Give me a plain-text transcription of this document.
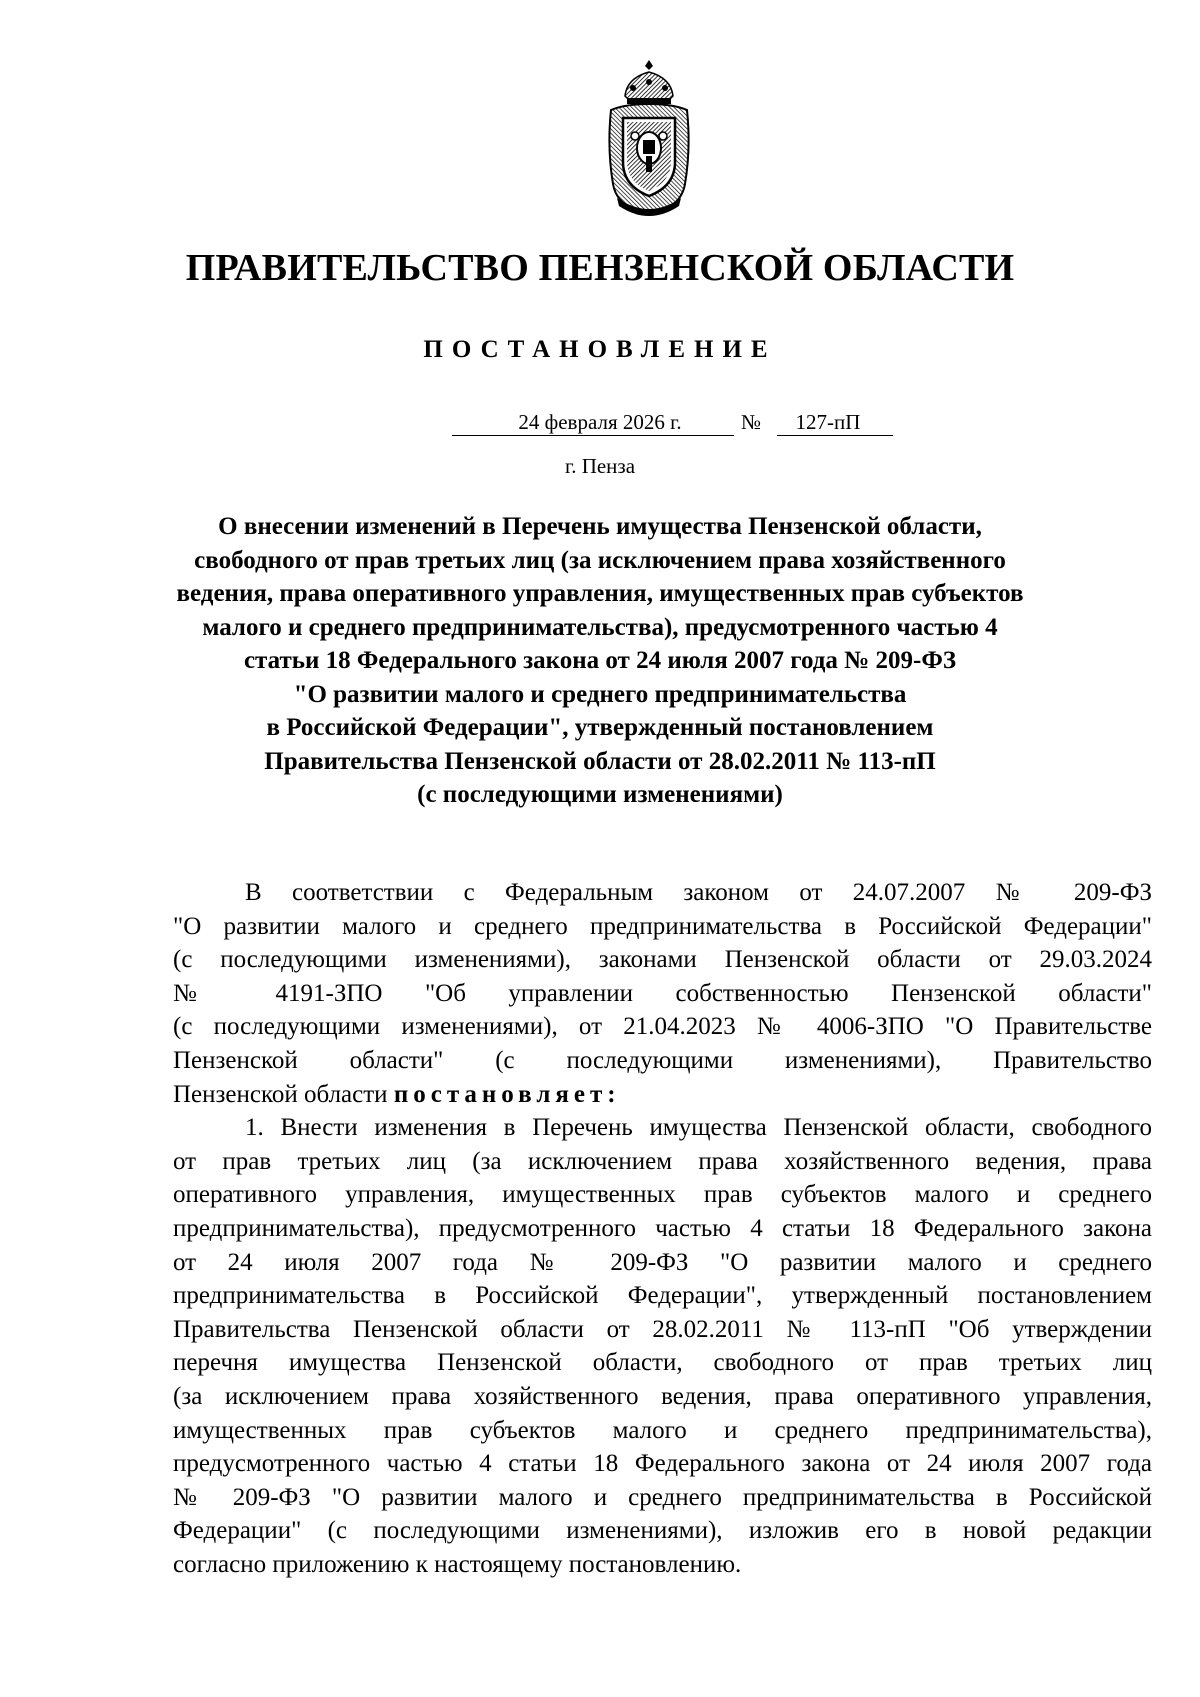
ПРАВИТЕЛЬСТВО ПЕНЗЕНСКОЙ ОБЛАСТИ
ПОСТАНОВЛЕНИЕ
24 февраля 2026 г.	№	127-пП
г. Пенза
О внесении изменений в Перечень имущества Пензенской области,
свободного от прав третьих лиц (за исключением права хозяйственного
ведения, права оперативного управления, имущественных прав субъектов
малого и среднего предпринимательства), предусмотренного частью 4
статьи 18 Федерального закона от 24 июля 2007 года № 209-ФЗ
"О развитии малого и среднего предпринимательства
в Российской Федерации", утвержденный постановлением
Правительства Пензенской области от 28.02.2011 № 113-пП
(с последующими изменениями)
В соответствии с Федеральным законом от 24.07.2007 № 209-ФЗ
"О развитии малого и среднего предпринимательства в Российской Федерации"
(с последующими изменениями), законами Пензенской области от 29.03.2024
№ 4191-ЗПО "Об управлении собственностью Пензенской области"
(с последующими изменениями), от 21.04.2023 № 4006-ЗПО "О Правительстве
Пензенской области" (с последующими изменениями), Правительство
Пензенской области постановляет:
1. Внести изменения в Перечень имущества Пензенской области, свободного
от прав третьих лиц (за исключением права хозяйственного ведения, права
оперативного управления, имущественных прав субъектов малого и среднего
предпринимательства), предусмотренного частью 4 статьи 18 Федерального закона
от 24 июля 2007 года № 209-ФЗ "О развитии малого и среднего
предпринимательства в Российской Федерации", утвержденный постановлением
Правительства Пензенской области от 28.02.2011 № 113-пП "Об утверждении
перечня имущества Пензенской области, свободного от прав третьих лиц
(за исключением права хозяйственного ведения, права оперативного управления,
имущественных прав субъектов малого и среднего предпринимательства),
предусмотренного частью 4 статьи 18 Федерального закона от 24 июля 2007 года
№ 209-ФЗ "О развитии малого и среднего предпринимательства в Российской
Федерации" (с последующими изменениями), изложив его в новой редакции
согласно приложению к настоящему постановлению.
